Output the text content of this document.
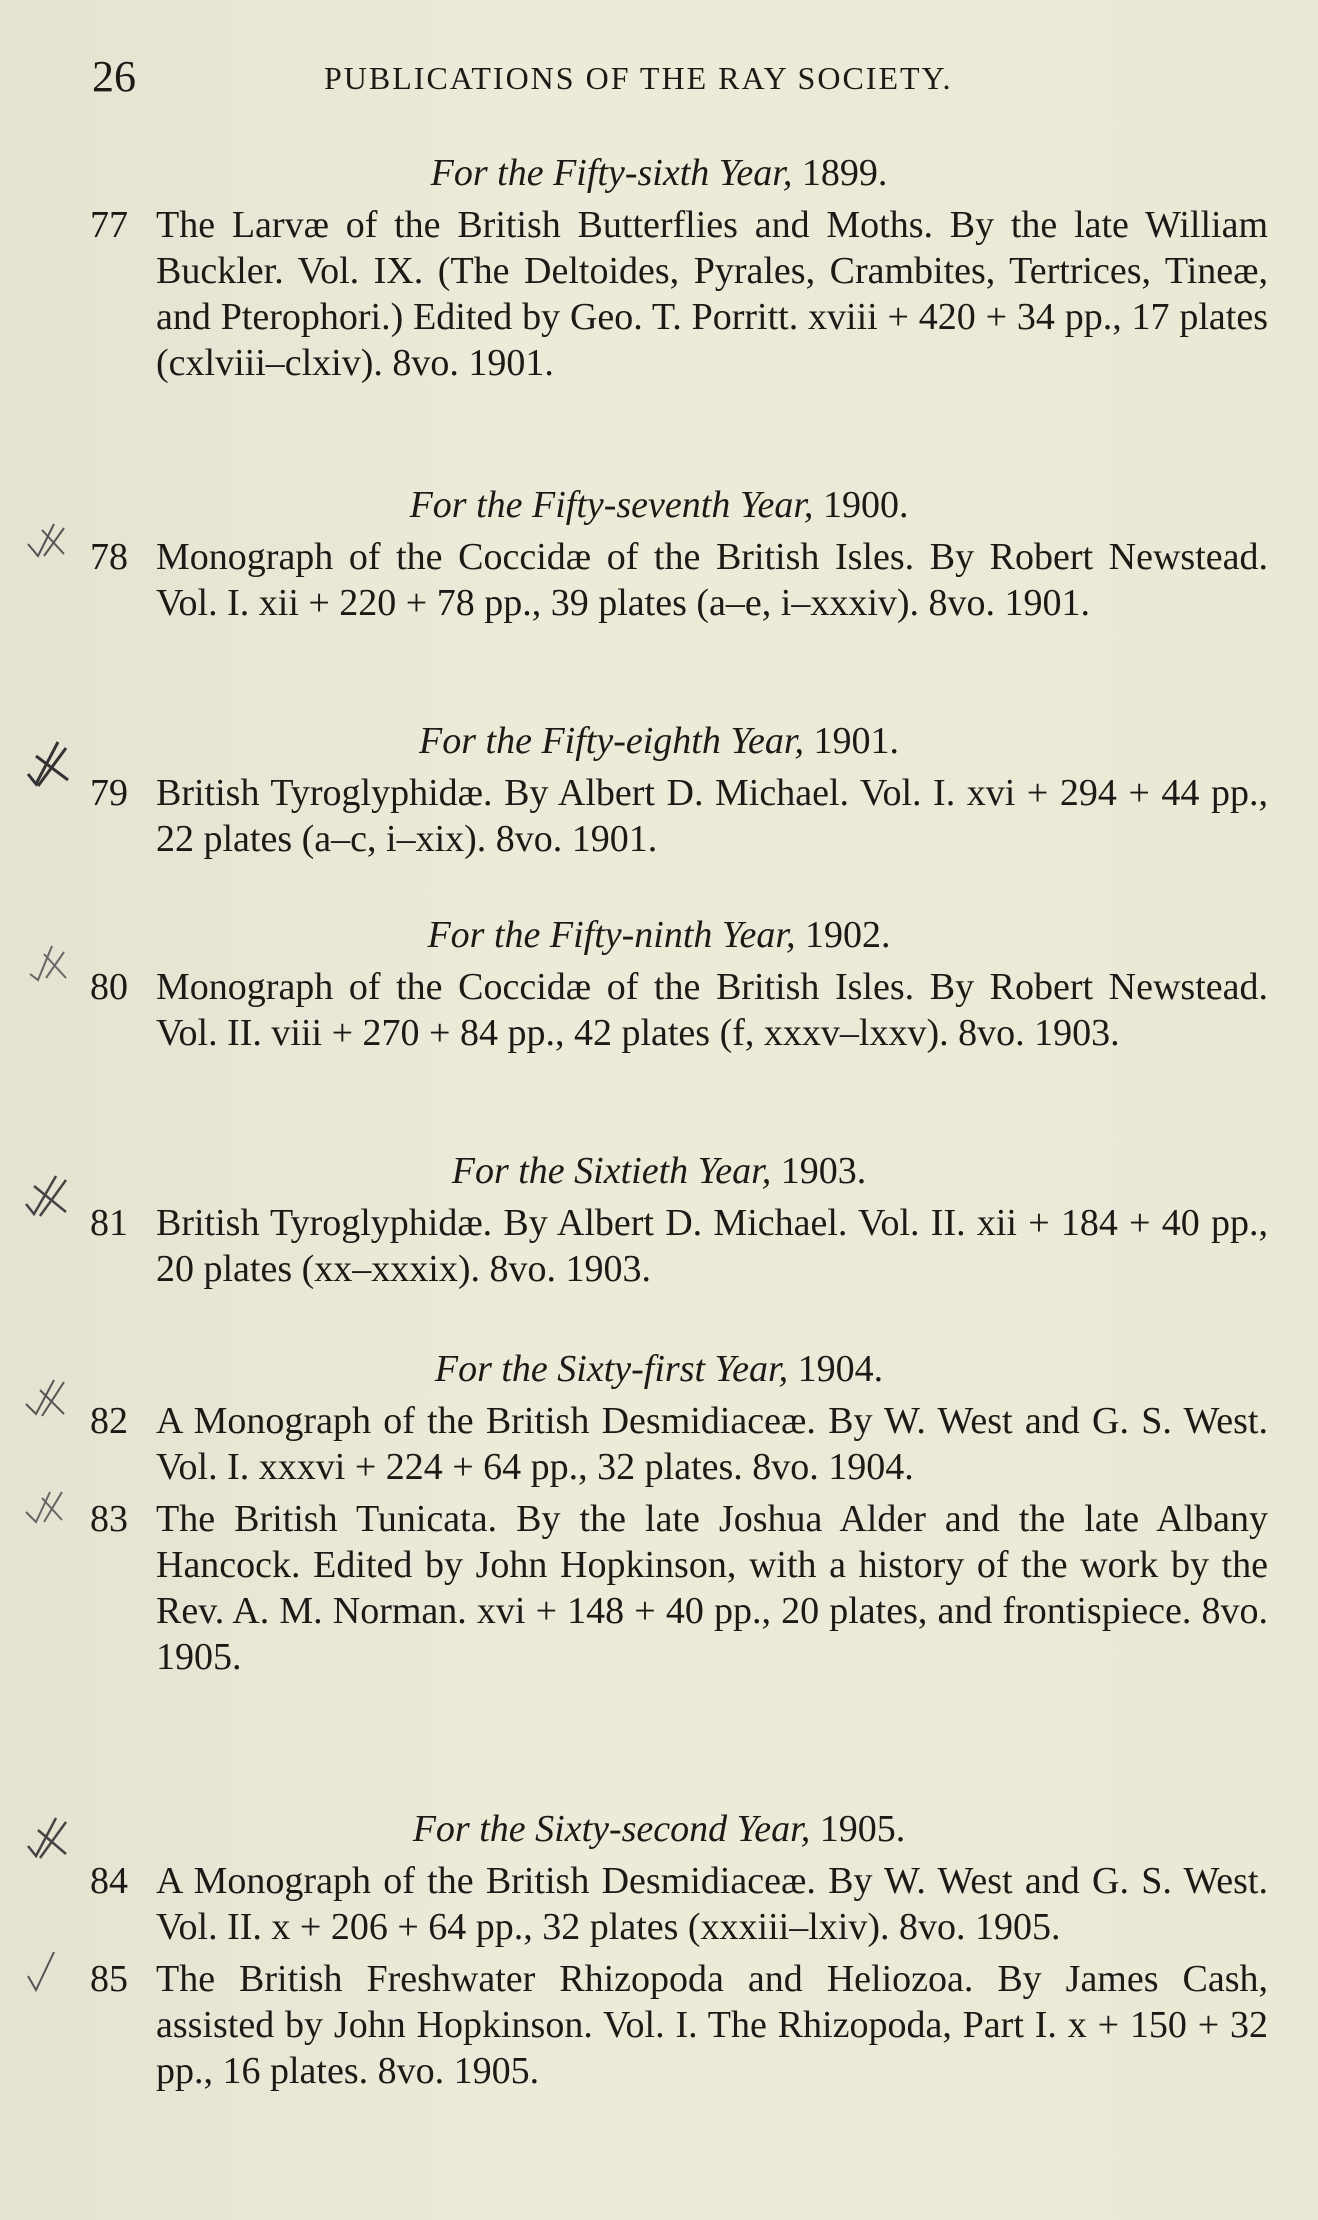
26	PUBLICATIONS OF THE RAY SOCIETY.

For the Fifty-sixth Year, 1899.

77 The Larvæ of the British Butterflies and Moths. By the late William Buckler. Vol. IX. (The Deltoides, Pyrales, Crambites, Tertrices, Tineæ, and Pterophori.) Edited by Geo. T. Porritt. xviii + 420 + 34 pp., 17 plates (cxlviii–clxiv). 8vo. 1901.

For the Fifty-seventh Year, 1900.

78 Monograph of the Coccidæ of the British Isles. By Robert Newstead. Vol. I. xii + 220 + 78 pp., 39 plates (a–e, i–xxxiv). 8vo. 1901.

For the Fifty-eighth Year, 1901.

79 British Tyroglyphidæ. By Albert D. Michael. Vol. I. xvi + 294 + 44 pp., 22 plates (a–c, i–xix). 8vo. 1901.

For the Fifty-ninth Year, 1902.

80 Monograph of the Coccidæ of the British Isles. By Robert Newstead. Vol. II. viii + 270 + 84 pp., 42 plates (f, xxxv–lxxv). 8vo. 1903.

For the Sixtieth Year, 1903.

81 British Tyroglyphidæ. By Albert D. Michael. Vol. II. xii + 184 + 40 pp., 20 plates (xx–xxxix). 8vo. 1903.

For the Sixty-first Year, 1904.

82 A Monograph of the British Desmidiaceæ. By W. West and G. S. West. Vol. I. xxxvi + 224 + 64 pp., 32 plates. 8vo. 1904.

83 The British Tunicata. By the late Joshua Alder and the late Albany Hancock. Edited by John Hopkinson, with a history of the work by the Rev. A. M. Norman. xvi + 148 + 40 pp., 20 plates, and frontispiece. 8vo. 1905.

For the Sixty-second Year, 1905.

84 A Monograph of the British Desmidiaceæ. By W. West and G. S. West. Vol. II. x + 206 + 64 pp., 32 plates (xxxiii–lxiv). 8vo. 1905.

85 The British Freshwater Rhizopoda and Heliozoa. By James Cash, assisted by John Hopkinson. Vol. I. The Rhizopoda, Part I. x + 150 + 32 pp., 16 plates. 8vo. 1905.
